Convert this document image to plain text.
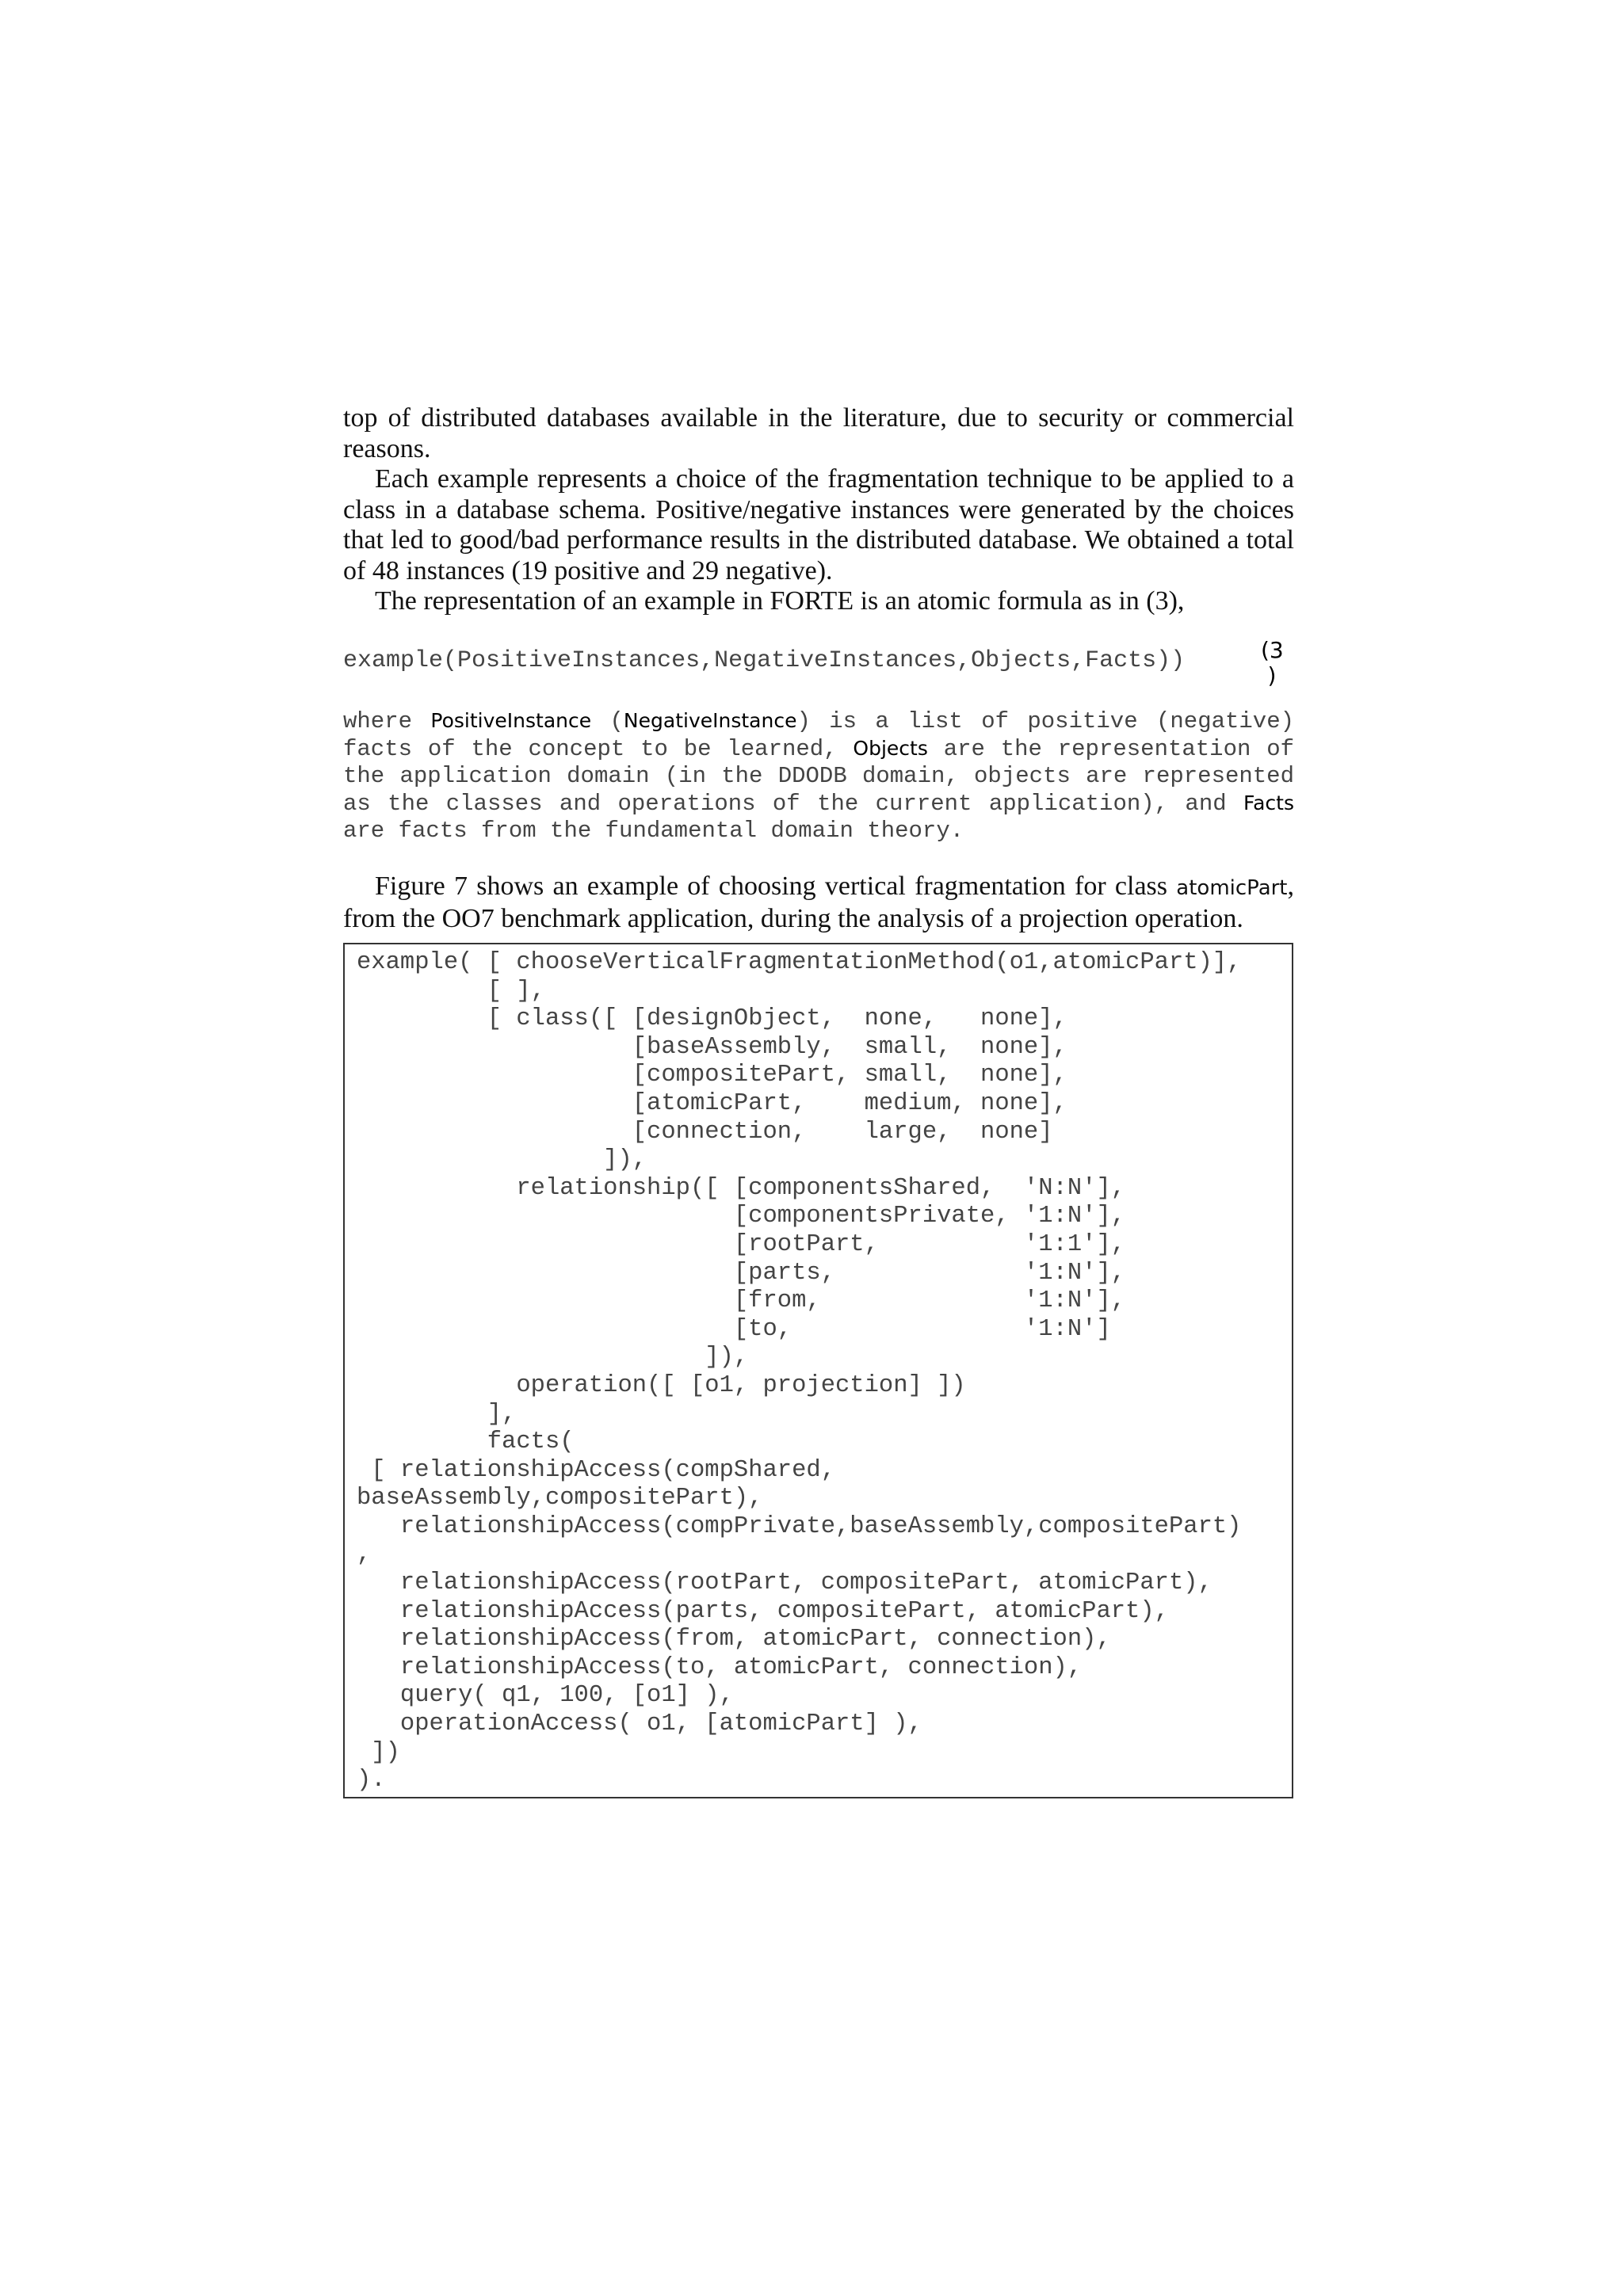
top of distributed databases available in the literature, due to security or commercial reasons.

Each example represents a choice of the fragmentation technique to be applied to a class in a database schema. Positive/negative instances were generated by the choices that led to good/bad performance results in the distributed database. We obtained a total of 48 instances (19 positive and 29 negative).

The representation of an example in FORTE is an atomic formula as in (3),

example(PositiveInstances,NegativeInstances,Objects,Facts))	(3
)
where PositiveInstance (NegativeInstance) is a list of positive (negative) facts of the concept to be learned, Objects are the representation of the application domain (in the DDODB domain, objects are represented as the classes and operations of the current application), and Facts are facts from the fundamental domain theory.

Figure 7 shows an example of choosing vertical fragmentation for class atomicPart, from the OO7 benchmark application, during the analysis of a projection operation.

example( [ chooseVerticalFragmentationMethod(o1,atomicPart)],
[ ],
[ class([ [designObject,  none,   none],
[baseAssembly,  small,  none],
[compositePart, small,  none],
[atomicPart,    medium, none],
[connection,    large,  none]
]),
relationship([ [componentsShared,  'N:N'],
[componentsPrivate, '1:N'],
[rootPart,          '1:1'],
[parts,             '1:N'],
[from,              '1:N'],
[to,                '1:N']
]),
operation([ [o1, projection] ])
],
facts(
[ relationshipAccess(compShared,
baseAssembly,compositePart),
relationshipAccess(compPrivate,baseAssembly,compositePart)
,
relationshipAccess(rootPart, compositePart, atomicPart),
relationshipAccess(parts, compositePart, atomicPart),
relationshipAccess(from, atomicPart, connection),
relationshipAccess(to, atomicPart, connection),
query( q1, 100, [o1] ),
operationAccess( o1, [atomicPart] ),
])
).
